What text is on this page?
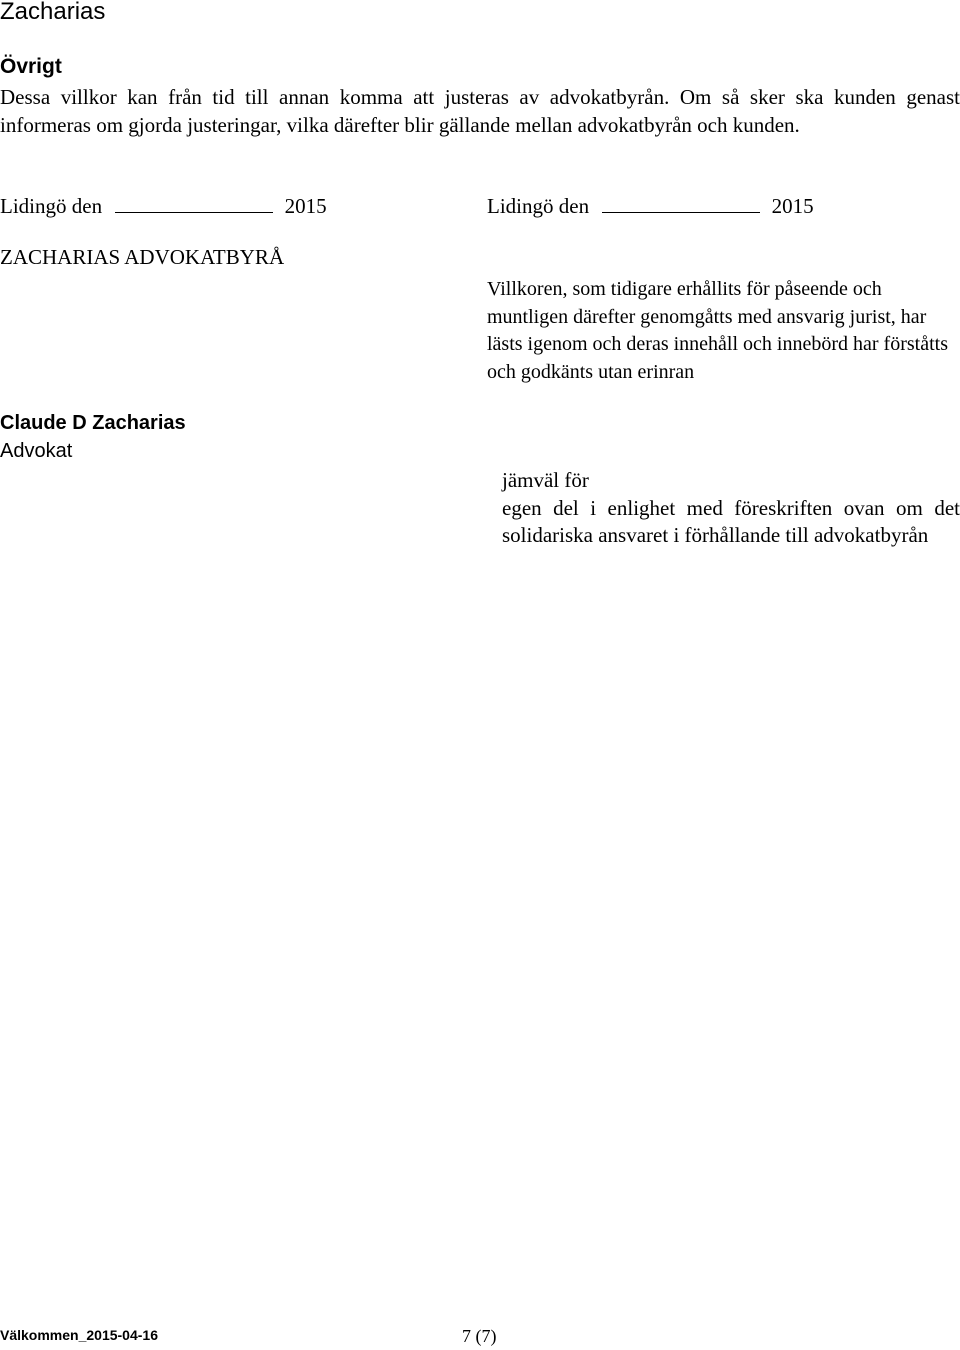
Zacharias
Övrigt
Dessa villkor kan från tid till annan komma att justeras av advokatbyrån. Om så sker ska kunden genast informeras om gjorda justeringar, vilka därefter blir gällande mellan advokatbyrån och kunden.
Lidingö den	2015	Lidingö den	2015
ZACHARIAS ADVOKATBYRÅ
Villkoren, som tidigare erhållits för påseende och muntligen därefter genomgåtts med ansvarig jurist, har lästs igenom och deras innehåll och innebörd har förståtts och godkänts utan erinran
Claude D Zacharias
Advokat
jämväl för
egen del i enlighet med föreskriften ovan om det solidariska ansvaret i förhållande till advokatbyrån
Välkommen_2015-04-16	7 (7)
